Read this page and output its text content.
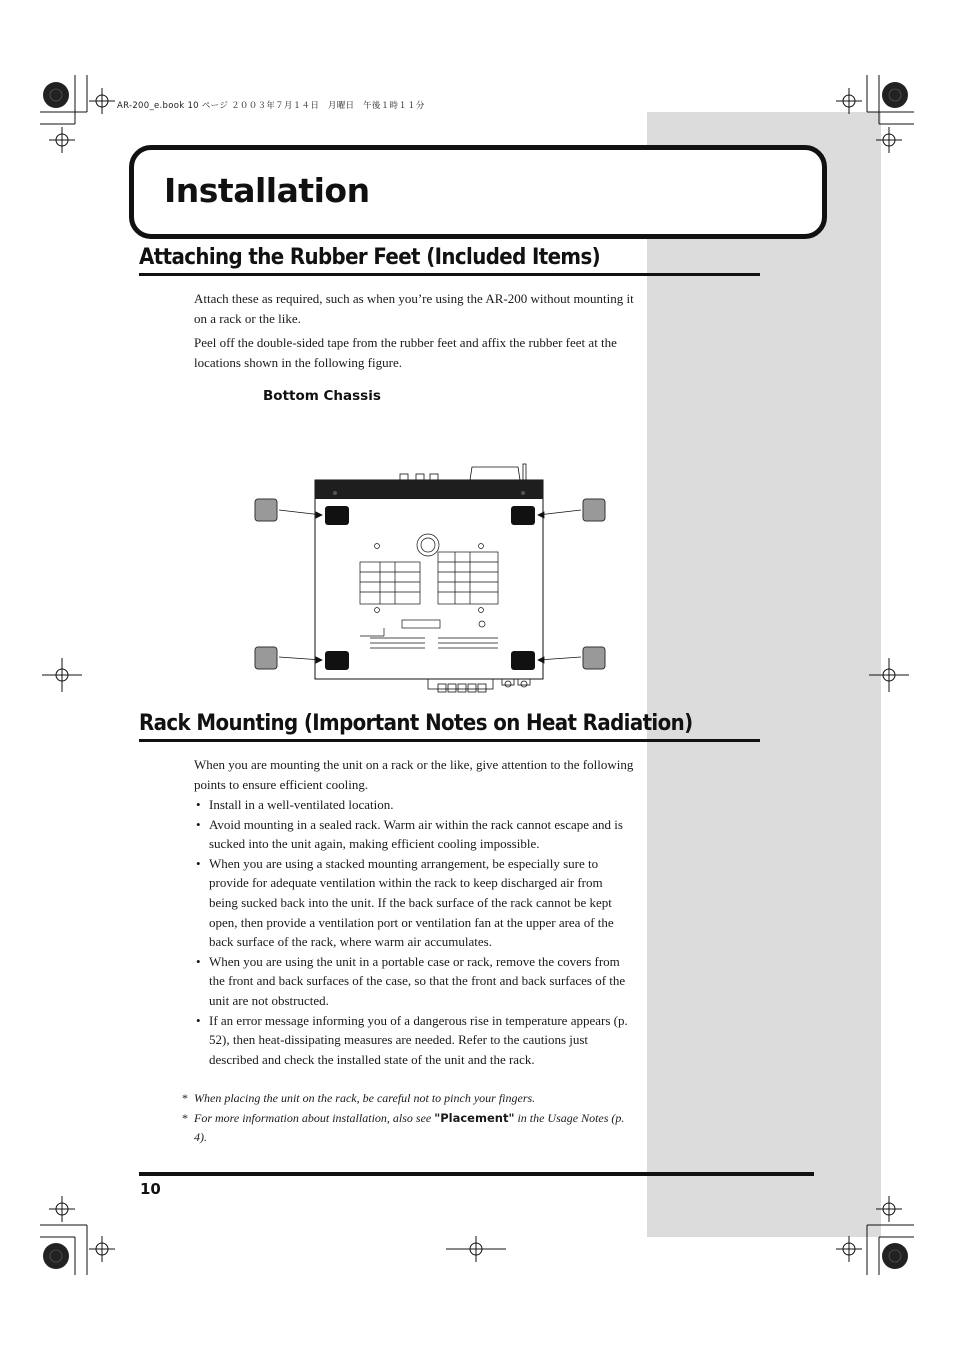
AR-200_e.book 10 ページ ２００３年７月１４日　月曜日　午後１時１１分
Installation
Attaching the Rubber Feet (Included Items)

Attach these as required, such as when you’re using the AR-200 without mounting it on a rack or the like.

Peel off the double-sided tape from the rubber feet and affix the rubber feet at the locations shown in the following figure.

Bottom Chassis

Rack Mounting (Important Notes on Heat Radiation)

When you are mounting the unit on a rack or the like, give attention to the following points to ensure efficient cooling.

• Install in a well-ventilated location.
• Avoid mounting in a sealed rack. Warm air within the rack cannot escape and is sucked into the unit again, making efficient cooling impossible.
• When you are using a stacked mounting arrangement, be especially sure to provide for adequate ventilation within the rack to keep discharged air from being sucked back into the unit. If the back surface of the rack cannot be kept open, then provide a ventilation port or ventilation fan at the upper area of the back surface of the rack, where warm air accumulates.
• When you are using the unit in a portable case or rack, remove the covers from the front and back surfaces of the case, so that the front and back surfaces of the unit are not obstructed.
• If an error message informing you of a dangerous rise in temperature appears (p. 52), then heat-dissipating measures are needed. Refer to the cautions just described and check the installed state of the unit and the rack.
* When placing the unit on the rack, be careful not to pinch your fingers.
* For more information about installation, also see "Placement" in the Usage Notes (p. 4).
10
